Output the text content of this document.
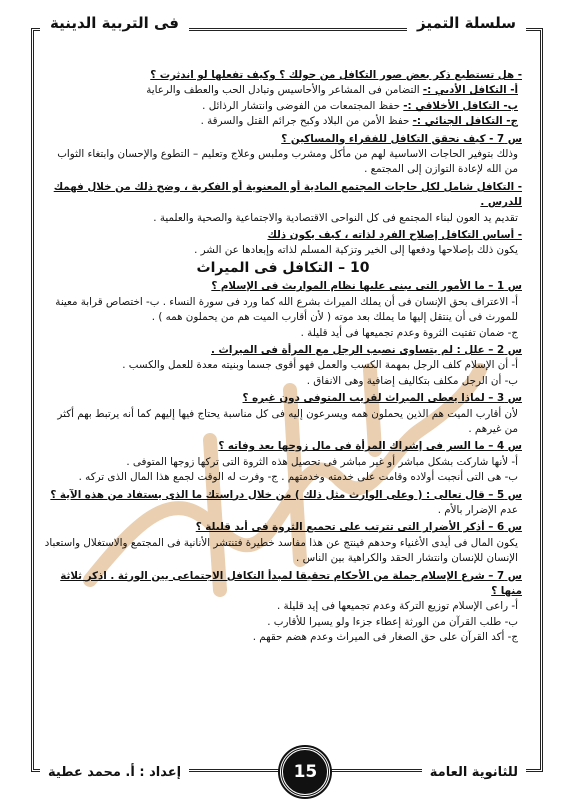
سلسلة التميز
فى التربية الدينية

- هل تستطيع ذكر بعض صور التكافل من حولك ؟ وكيف تفعلها لو اندثرت ؟

أ- التكافل الأدبي :- التضامن فى المشاعر والأحاسيس وتبادل الحب والعطف والرعاية

ب- التكافل الأخلاقي :- حفظ المجتمعات من الفوضى وانتشار الرذائل .

ج- التكافل الجنائي :- حفظ الأمن من البلاد وكبح جرائم القتل والسرقة .

س 7 - كيف نحقق التكافل للفقراء والمساكين ؟

وذلك بتوفير الحاجات الاساسية لهم من مأكل ومشرب وملبس وعلاج وتعليم – التطوع والإحسان وابتغاء الثواب من الله لإعادة التوازن إلى المجتمع .

- التكافل شامل لكل حاجات المجتمع المادية أو المعنوية أو الفكرية ، وضح ذلك من خلال فهمك للدرس .

تقديم يد العون لبناء المجتمع فى كل النواحى الاقتصادية والاجتماعية والصحية والعلمية .

- أساس التكافل إصلاح الفرد لذاته ، كيف يكون ذلك

يكون ذلك بإصلاحها ودفعها إلى الخير وتزكية المسلم لذاته وإبعادها عن الشر .

10 – التكافل فى الميراث

س 1 – ما الأمور التى يبنى عليها نظام المواريث فى الإسلام ؟

أ- الاعتراف بحق الإنسان فى أن يملك الميراث بشرع الله كما ورد فى سورة النساء . ب- اختصاص قرابة معينة للمورث فى أن ينتقل إليها ما يملك بعد موته ( لأن أقارب الميت هم من يحملون همه ) .

ج- ضمان تفتيت الثروة وعدم تجميعها فى أيد قليلة .

س 2 – علل : لم يتساوى نصيب الرجل مع المرأة فى الميراث .

أ- أن الإسلام كلف الرجل بمهمة الكسب والعمل فهو أقوى جسما وبنيته معدة للعمل والكسب .

ب- أن الرجل مكلف بتكاليف إضافية وهى الانفاق .

س 3 – لماذا يعطى الميراث لقريب المتوفى دون غيره ؟

لأن أقارب الميت هم الذين يحملون همه ويسرعون إليه فى كل مناسبة يحتاج فيها إليهم كما أنه يرتبط بهم أكثر من غيرهم .

س 4 – ما السر فى إشراك المرأة فى مال زوجها بعد وفاته ؟

أ- لأنها شاركت بشكل مباشر أو غير مباشر فى تحصيل هذه الثروة التى تركها زوجها المتوفى .

ب- هى التى أنجبت أولاده وقامت على خدمته وخدمتهم . ج- وفرت له الوقت لجمع هذا المال الذى تركه .

س 5 – قال تعالى : ( وعلى الوارث مثل ذلك ) من خلال دراستك ما الذى يستفاد من هذه الآية ؟

عدم الإضرار بالأم .

س 6 – أذكر الأضرار التى تترتب على تجميع الثروة فى أيد قليلة ؟

يكون المال فى أيدى الأغنياء وحدهم فينتج عن هذا مفاسد خطيرة فتنتشر الأنانية فى المجتمع والاستغلال واستعباد الإنسان للإنسان وانتشار الحقد والكراهية بين الناس .

س 7 – شرع الإسلام جملة من الأحكام تحقيقا لمبدأ التكافل الاجتماعى بين الورثة . اذكر ثلاثة منها ؟

أ- راعى الإسلام توزيع التركة وعدم تجميعها فى إيد قليلة .

ب- طلب القرآن من الورثة إعطاء جزءا ولو يسيرا للأقارب .

ج- أكد القرآن على حق الصغار فى الميراث وعدم هضم حقهم .

للثانوية العامة
15
إعداد : أ. محمد عطية
